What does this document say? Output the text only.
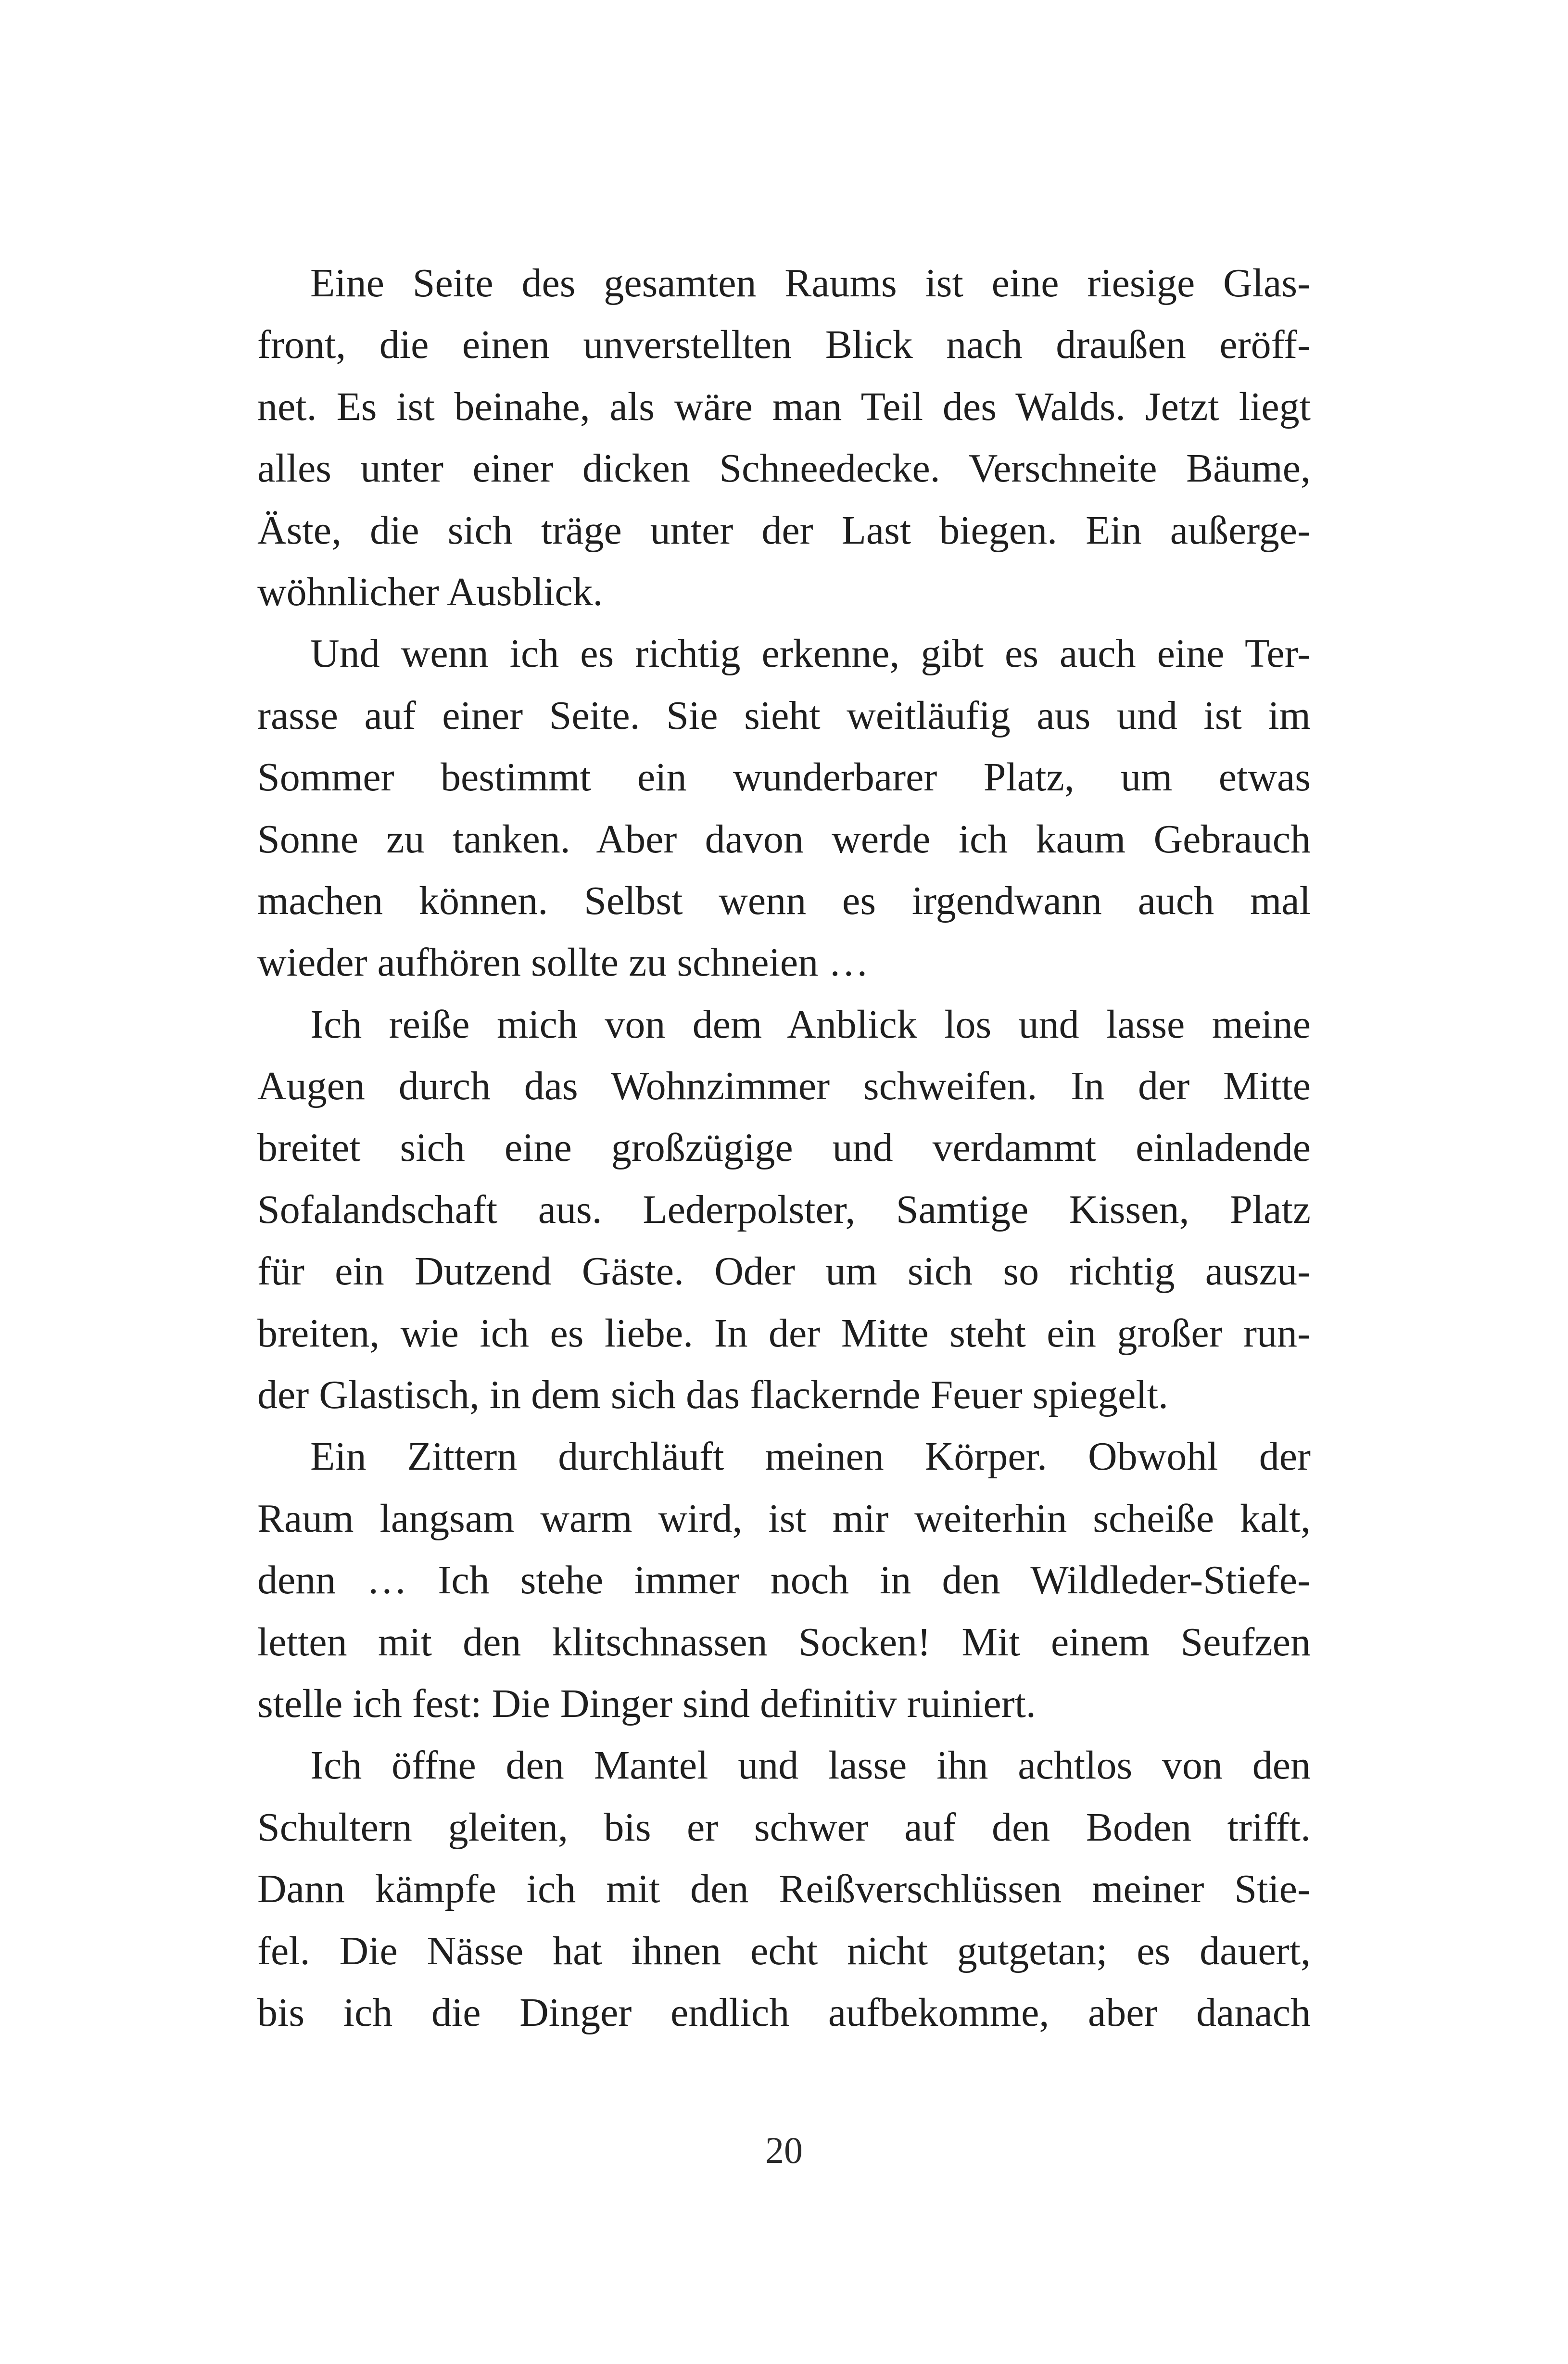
Eine Seite des gesamten Raums ist eine riesige Glas-
front, die einen unverstellten Blick nach draußen eröff-
net. Es ist beinahe, als wäre man Teil des Walds. Jetzt liegt
alles unter einer dicken Schneedecke. Verschneite Bäume,
Äste, die sich träge unter der Last biegen. Ein außerge-
wöhnlicher Ausblick.
Und wenn ich es richtig erkenne, gibt es auch eine Ter-
rasse auf einer Seite. Sie sieht weitläufig aus und ist im
Sommer bestimmt ein wunderbarer Platz, um etwas
Sonne zu tanken. Aber davon werde ich kaum Gebrauch
machen können. Selbst wenn es irgendwann auch mal
wieder aufhören sollte zu schneien …
Ich reiße mich von dem Anblick los und lasse meine
Augen durch das Wohnzimmer schweifen. In der Mitte
breitet sich eine großzügige und verdammt einladende
Sofalandschaft aus. Lederpolster, Samtige Kissen, Platz
für ein Dutzend Gäste. Oder um sich so richtig auszu-
breiten, wie ich es liebe. In der Mitte steht ein großer run-
der Glastisch, in dem sich das flackernde Feuer spiegelt.
Ein Zittern durchläuft meinen Körper. Obwohl der
Raum langsam warm wird, ist mir weiterhin scheiße kalt,
denn … Ich stehe immer noch in den Wildleder-Stiefe-
letten mit den klitschnassen Socken! Mit einem Seufzen
stelle ich fest: Die Dinger sind definitiv ruiniert.
Ich öffne den Mantel und lasse ihn achtlos von den
Schultern gleiten, bis er schwer auf den Boden trifft.
Dann kämpfe ich mit den Reißverschlüssen meiner Stie-
fel. Die Nässe hat ihnen echt nicht gutgetan; es dauert,
bis ich die Dinger endlich aufbekomme, aber danach
20
